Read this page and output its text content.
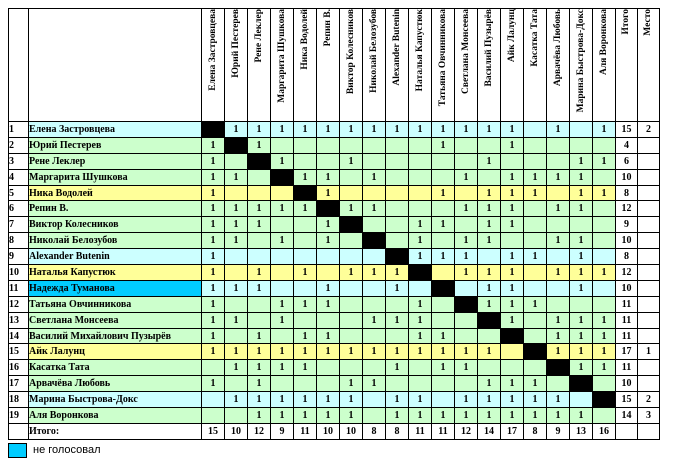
		Елена Застровцева	Юрий Пестерев	Рене Леклер	Маргарита Шушкова	Ника Водолей	Репин В.	Виктор Колесников	Николай Белозубов	Alexander Butenin	Наталья Капустюк	Татьяна Овчинникова	Светлана Монсеева	Василий Пузырёв	Айк Лалунц	Касатка Тата	Арвачёва Любовь	Марина Быстрова-Докс	Аля Воронкова	Итого	Место
1	Елена Застровцева		1	1	1	1	1	1	1	1	1	1	1	1	1		1		1	15	2
2	Юрий Пестерев	1		1								1			1					4	
3	Рене Леклер	1			1			1						1				1	1	6	
4	Маргарита Шушкова	1	1			1	1		1				1		1	1	1	1		10	
5	Ника Водолей	1					1					1		1	1	1		1	1	8	
6	Репин В.	1	1	1	1	1		1	1				1	1	1		1	1		12	
7	Виктор Колесников	1	1	1			1				1	1		1	1					9	
8	Николай Белозубов	1	1		1		1				1		1	1			1	1		10	
9	Alexander Butenin	1									1	1	1		1	1		1		8	
10	Наталья Капустюк	1		1		1		1	1	1			1	1	1		1	1	1	12	
11	Надежда Туманова	1	1	1			1			1		1		1	1			1		10	
12	Татьяна Овчинникова	1			1	1	1				1		1	1	1	1				11	
13	Светлана Монсеева	1	1		1				1	1	1				1		1	1	1	11	
14	Василий Михайлович Пузырёв	1		1		1	1				1	1			1		1	1	1	11	
15	Айк Лалунц	1	1	1	1	1	1	1	1	1	1	1	1	1		1	1	1	1	17	1
16	Касатка Тата		1	1	1	1				1		1	1					1	1	11	
17	Арвачёва Любовь	1		1				1	1					1	1	1		1		10	
18	Марина Быстрова-Докс		1	1	1	1	1	1		1	1		1	1	1	1	1		1	15	2
19	Аля Воронкова			1	1	1	1	1		1	1	1	1	1	1	1	1	1		14	3
	Итого:	15	10	12	9	11	10	10	8	8	11	11	12	14	17	8	9	13	16		
не голосовал
